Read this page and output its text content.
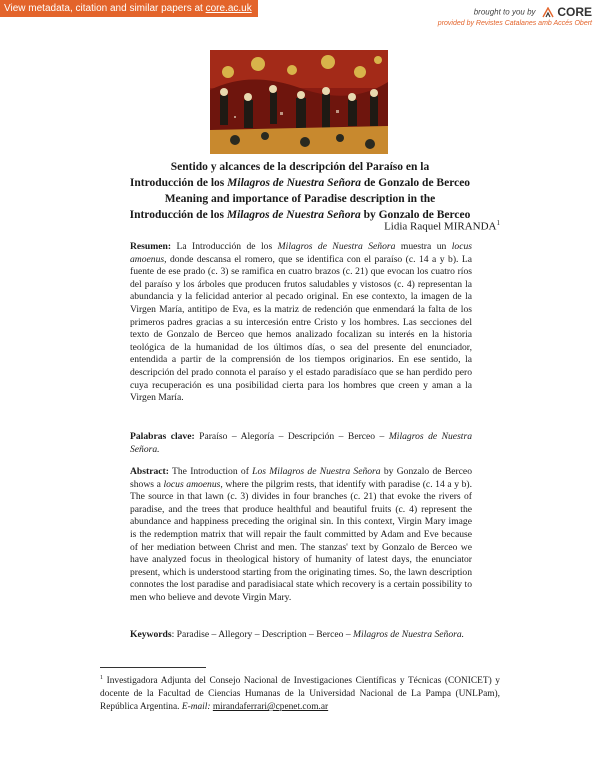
View metadata, citation and similar papers at core.ac.uk	brought to you by CORE
provided by Revistes Catalanes amb Accés Obert
Sentido y alcances de la descripción del Paraíso en la
Introducción de los Milagros de Nuestra Señora de Gonzalo de Berceo
Meaning and importance of Paradise description in the
Introducción de los Milagros de Nuestra Señora by Gonzalo de Berceo
Lidia Raquel MIRANDA$^1$
Resumen: La Introducción de los Milagros de Nuestra Señora muestra un locus amoenus, donde descansa el romero, que se identifica con el paraíso (c. 14 a y b). La fuente de ese prado (c. 3) se ramifica en cuatro brazos (c. 21) que evocan los cuatro ríos del paraíso y los árboles que producen frutos saludables y vistosos (c. 4) representan la abundancia y la felicidad anterior al pecado original. En ese contexto, la imagen de la Virgen María, antitipo de Eva, es la matriz de redención que enmendará la falta de los primeros padres gracias a su intercesión entre Cristo y los hombres. Las secciones del texto de Gonzalo de Berceo que hemos analizado focalizan su interés en la historia teológica de la humanidad de los últimos días, o sea del presente del enunciador, entendida a partir de la comprensión de los tiempos originarios. En ese sentido, la descripción del prado connota el paraíso y el estado paradisíaco que se han perdido pero cuya recuperación es una posibilidad cierta para los hombres que creen y aman a la Virgen María.
Palabras clave: Paraíso – Alegoría – Descripción – Berceo – Milagros de Nuestra Señora.
Abstract: The Introduction of Los Milagros de Nuestra Señora by Gonzalo de Berceo shows a locus amoenus, where the pilgrim rests, that identify with paradise (c. 14 a y b). The source in that lawn (c. 3) divides in four branches (c. 21) that evoke the rivers of paradise, and the trees that produce healthful and beautiful fruits (c. 4) represent the abundance and happiness preceding the original sin. In this context, Virgin Mary image is the redemption matrix that will repair the fault committed by Adam and Eve because of her mediation between Christ and men. The stanzas' text by Gonzalo de Berceo we have analyzed focus in theological history of humanity of latest days, the enunciator present, which is understood starting from the originating times. So, the lawn description connotes the lost paradise and paradisiacal state which recovery is a certain possibility to men who believe and devote Virgin Mary.
Keywords: Paradise – Allegory – Description – Berceo – Milagros de Nuestra Señora.
$^1$ Investigadora Adjunta del Consejo Nacional de Investigaciones Científicas y Técnicas (CONICET) y docente de la Facultad de Ciencias Humanas de la Universidad Nacional de La Pampa (UNLPam), República Argentina. E-mail: mirandaferrari@cpenet.com.ar
